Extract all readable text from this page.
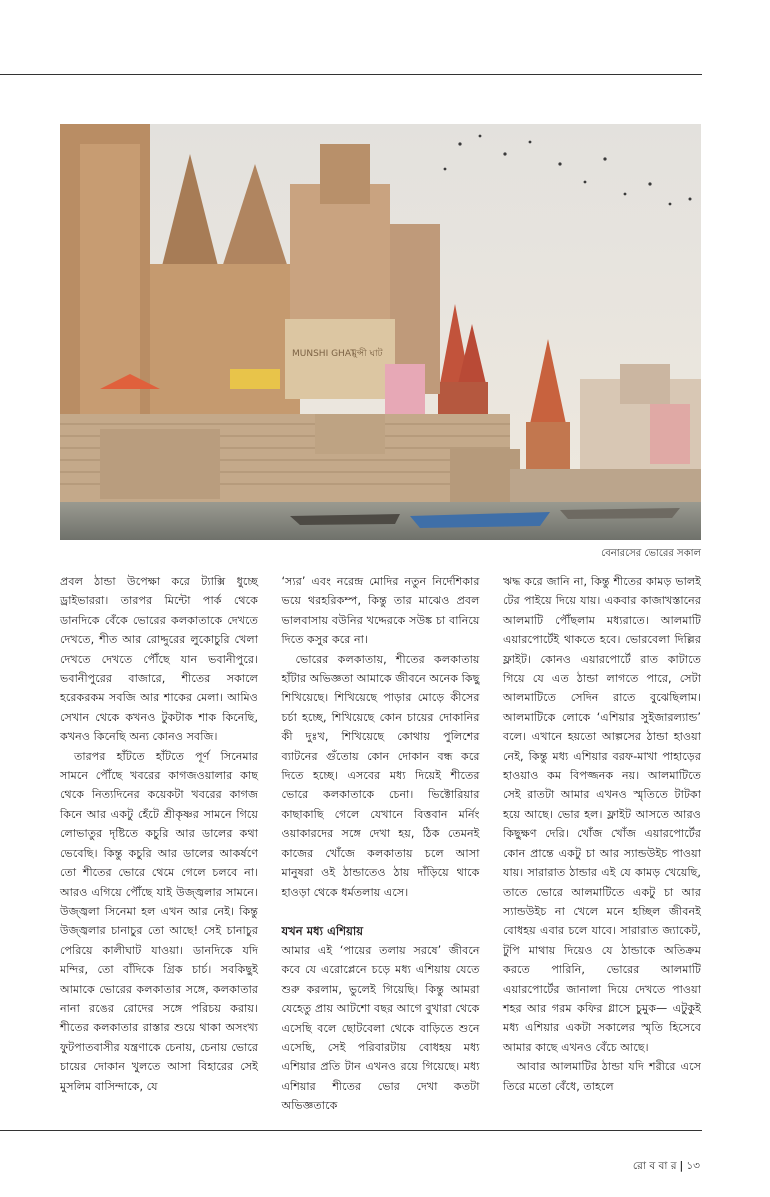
MUNSHI GHAT
মুন্সী ঘাট
বেনারসের ভোরের সকাল

প্রবল ঠান্ডা উপেক্ষা করে ট্যাক্সি ধুচ্ছে ড্রাইভাররা। তারপর মিন্টো পার্ক থেকে ডানদিকে বেঁকে ভোরের কলকাতাকে দেখতে দেখতে, শীত আর রোদ্দুরের লুকোচুরি খেলা দেখতে দেখতে পৌঁছে যান ভবানীপুরে। ভবানীপুরের বাজারে, শীতের সকালে হরেকরকম সবজি আর শাকের মেলা। আমিও সেখান থেকে কখনও টুকটাক শাক কিনেছি, কখনও কিনেছি অন্য কোনও সবজি।

তারপর হাঁটতে হাঁটতে পূর্ণ সিনেমার সামনে পৌঁছে খবরের কাগজওয়ালার কাছ থেকে নিত্যদিনের কয়েকটা খবরের কাগজ কিনে আর একটু হেঁটে শ্রীকৃষ্ণর সামনে গিয়ে লোভাতুর দৃষ্টিতে কচুরি আর ডালের কথা ভেবেছি। কিন্তু কচুরি আর ডালের আকর্ষণে তো শীতের ভোরে থেমে গেলে চলবে না। আরও এগিয়ে পৌঁছে যাই উজ্জ্বলার সামনে। উজ্জ্বলা সিনেমা হল এখন আর নেই। কিন্তু উজ্জ্বলার চানাচুর তো আছে! সেই চানাচুর পেরিয়ে কালীঘাট যাওয়া। ডানদিকে যদি মন্দির, তো বাঁদিকে গ্রিক চার্চ। সবকিছুই আমাকে ভোরের কলকাতার সঙ্গে, কলকাতার নানা রঙের রোদের সঙ্গে পরিচয় করায়। শীতের কলকাতার রাস্তার শুয়ে থাকা অসংখ্য ফুটপাতবাসীর যন্ত্রণাকে চেনায়, চেনায় ভোরে চায়ের দোকান খুলতে আসা বিহারের সেই মুসলিম বাসিন্দাকে, যে

‘স্যর’ এবং নরেন্দ্র মোদির নতুন নির্দেশিকার ভয়ে থরহরিকম্প, কিন্তু তার মাঝেও প্রবল ভালবাসায় বউনির খদ্দেরকে সউঙ্ক চা বানিয়ে দিতে কসুর করে না।

ভোরের কলকাতায়, শীতের কলকাতায় হাঁটার অভিজ্ঞতা আমাকে জীবনে অনেক কিছু শিখিয়েছে। শিখিয়েছে পাড়ার মোড়ে কীসের চর্চা হচ্ছে, শিখিয়েছে কোন চায়ের দোকানির কী দুঃখ, শিখিয়েছে কোথায় পুলিশের ব্যাটনের গুঁতোয় কোন দোকান বন্ধ করে দিতে হচ্ছে। এসবের মধ্য দিয়েই শীতের ভোরে কলকাতাকে চেনা। ভিক্টোরিয়ার কাছাকাছি গেলে যেখানে বিত্তবান মর্নিং ওয়াকারদের সঙ্গে দেখা হয়, ঠিক তেমনই কাজের খোঁজে কলকাতায় চলে আসা মানুষরা ওই ঠান্ডাতেও ঠায় দাঁড়িয়ে থাকে হাওড়া থেকে ধর্মতলায় এসে।

যখন মধ্য এশিয়ায়

আমার এই ‘পায়ের তলায় সরষে’ জীবনে কবে যে এরোপ্লেনে চড়ে মধ্য এশিয়ায় যেতে শুরু করলাম, ভুলেই গিয়েছি। কিন্তু আমরা যেহেতু প্রায় আটশো বছর আগে বুখারা থেকে এসেছি বলে ছোটবেলা থেকে বাড়িতে শুনে এসেছি, সেই পরিবারটায় বোধহয় মধ্য এশিয়ার প্রতি টান এখনও রয়ে গিয়েছে। মধ্য এশিয়ার শীতের ভোর দেখা কতটা অভিজ্ঞতাকে

ঋদ্ধ করে জানি না, কিন্তু শীতের কামড় ভালই টের পাইয়ে দিয়ে যায়। একবার কাজাখস্তানের আলমাটি পৌঁছলাম মধ্যরাতে। আলমাটি এয়ারপোর্টেই থাকতে হবে। ভোরবেলা দিল্লির ফ্লাইট। কোনও এয়ারপোর্টে রাত কাটাতে গিয়ে যে এত ঠান্ডা লাগতে পারে, সেটা আলমাটিতে সেদিন রাতে বুঝেছিলাম। আলমাটিকে লোকে ‘এশিয়ার সুইজারল্যান্ড’ বলে। এখানে হয়তো আল্পসের ঠান্ডা হাওয়া নেই, কিন্তু মধ্য এশিয়ার বরফ-মাখা পাহাড়ের হাওয়াও কম বিপজ্জনক নয়। আলমাটিতে সেই রাতটা আমার এখনও স্মৃতিতে টাটকা হয়ে আছে। ভোর হল। ফ্লাইট আসতে আরও কিছুক্ষণ দেরি। খোঁজ খোঁজ এয়ারপোর্টের কোন প্রান্তে একটু চা আর স্যান্ডউইচ পাওয়া যায়। সারারাত ঠান্ডার এই যে কামড় খেয়েছি, তাতে ভোরে আলমাটিতে একটু চা আর স্যান্ডউইচ না খেলে মনে হচ্ছিল জীবনই বোধহয় এবার চলে যাবে। সারারাত জ্যাকেট, টুপি মাথায় দিয়েও যে ঠান্ডাকে অতিক্রম করতে পারিনি, ভোরের আলমাটি এয়ারপোর্টের জানালা দিয়ে দেখতে পাওয়া শহর আর গরম কফির গ্লাসে চুমুক— এটুকুই মধ্য এশিয়ার একটা সকালের স্মৃতি হিসেবে আমার কাছে এখনও বেঁচে আছে।

আবার আলমাটির ঠান্ডা যদি শরীরে এসে তিরে মতো বেঁধে, তাহলে

রো ব বা র | ১৩
